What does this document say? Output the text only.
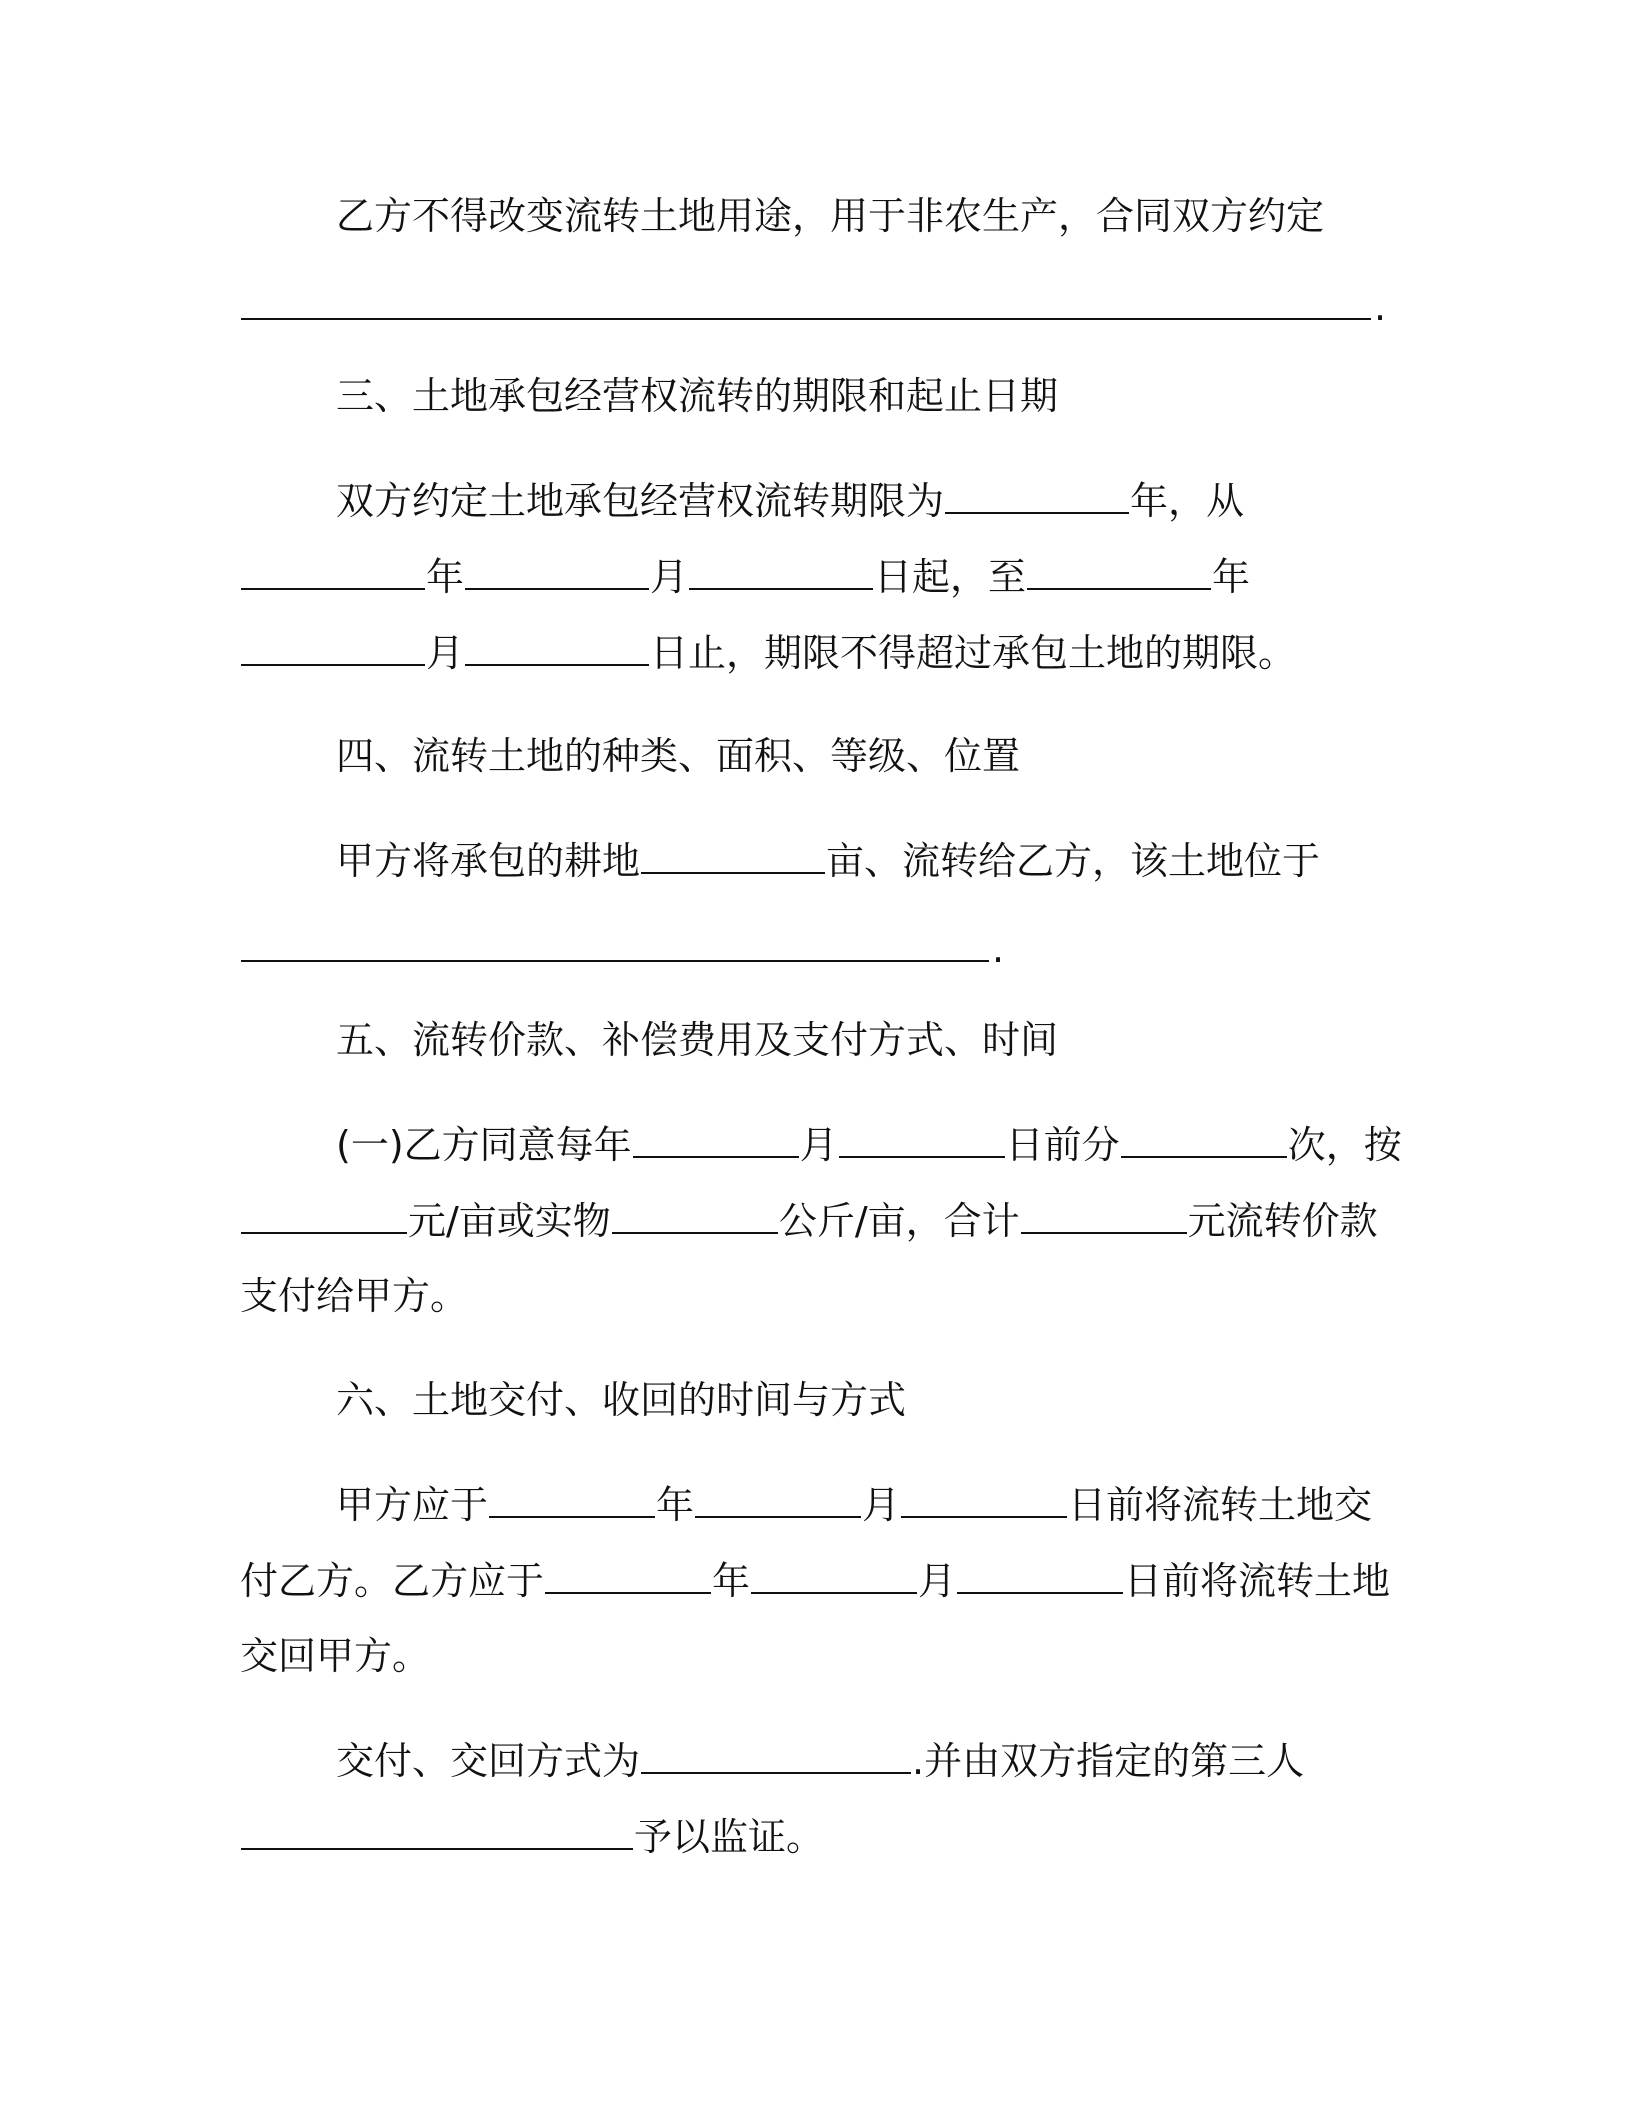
乙方不得改变流转土地用途，用于非农生产，合同双方约定
.
三、土地承包经营权流转的期限和起止日期
双方约定土地承包经营权流转期限为	年，从
年	月	日起，至	年
月	日止，期限不得超过承包土地的期限。
四、流转土地的种类、面积、等级、位置
甲方将承包的耕地	亩、流转给乙方，该土地位于
.
五、流转价款、补偿费用及支付方式、时间
(一)乙方同意每年	月	日前分	次，按
元/亩或实物	公斤/亩，合计	元流转价款
支付给甲方。
六、土地交付、收回的时间与方式
甲方应于	年	月	日前将流转土地交
付乙方。乙方应于	年	月	日前将流转土地
交回甲方。
交付、交回方式为	.并由双方指定的第三人
予以监证。
